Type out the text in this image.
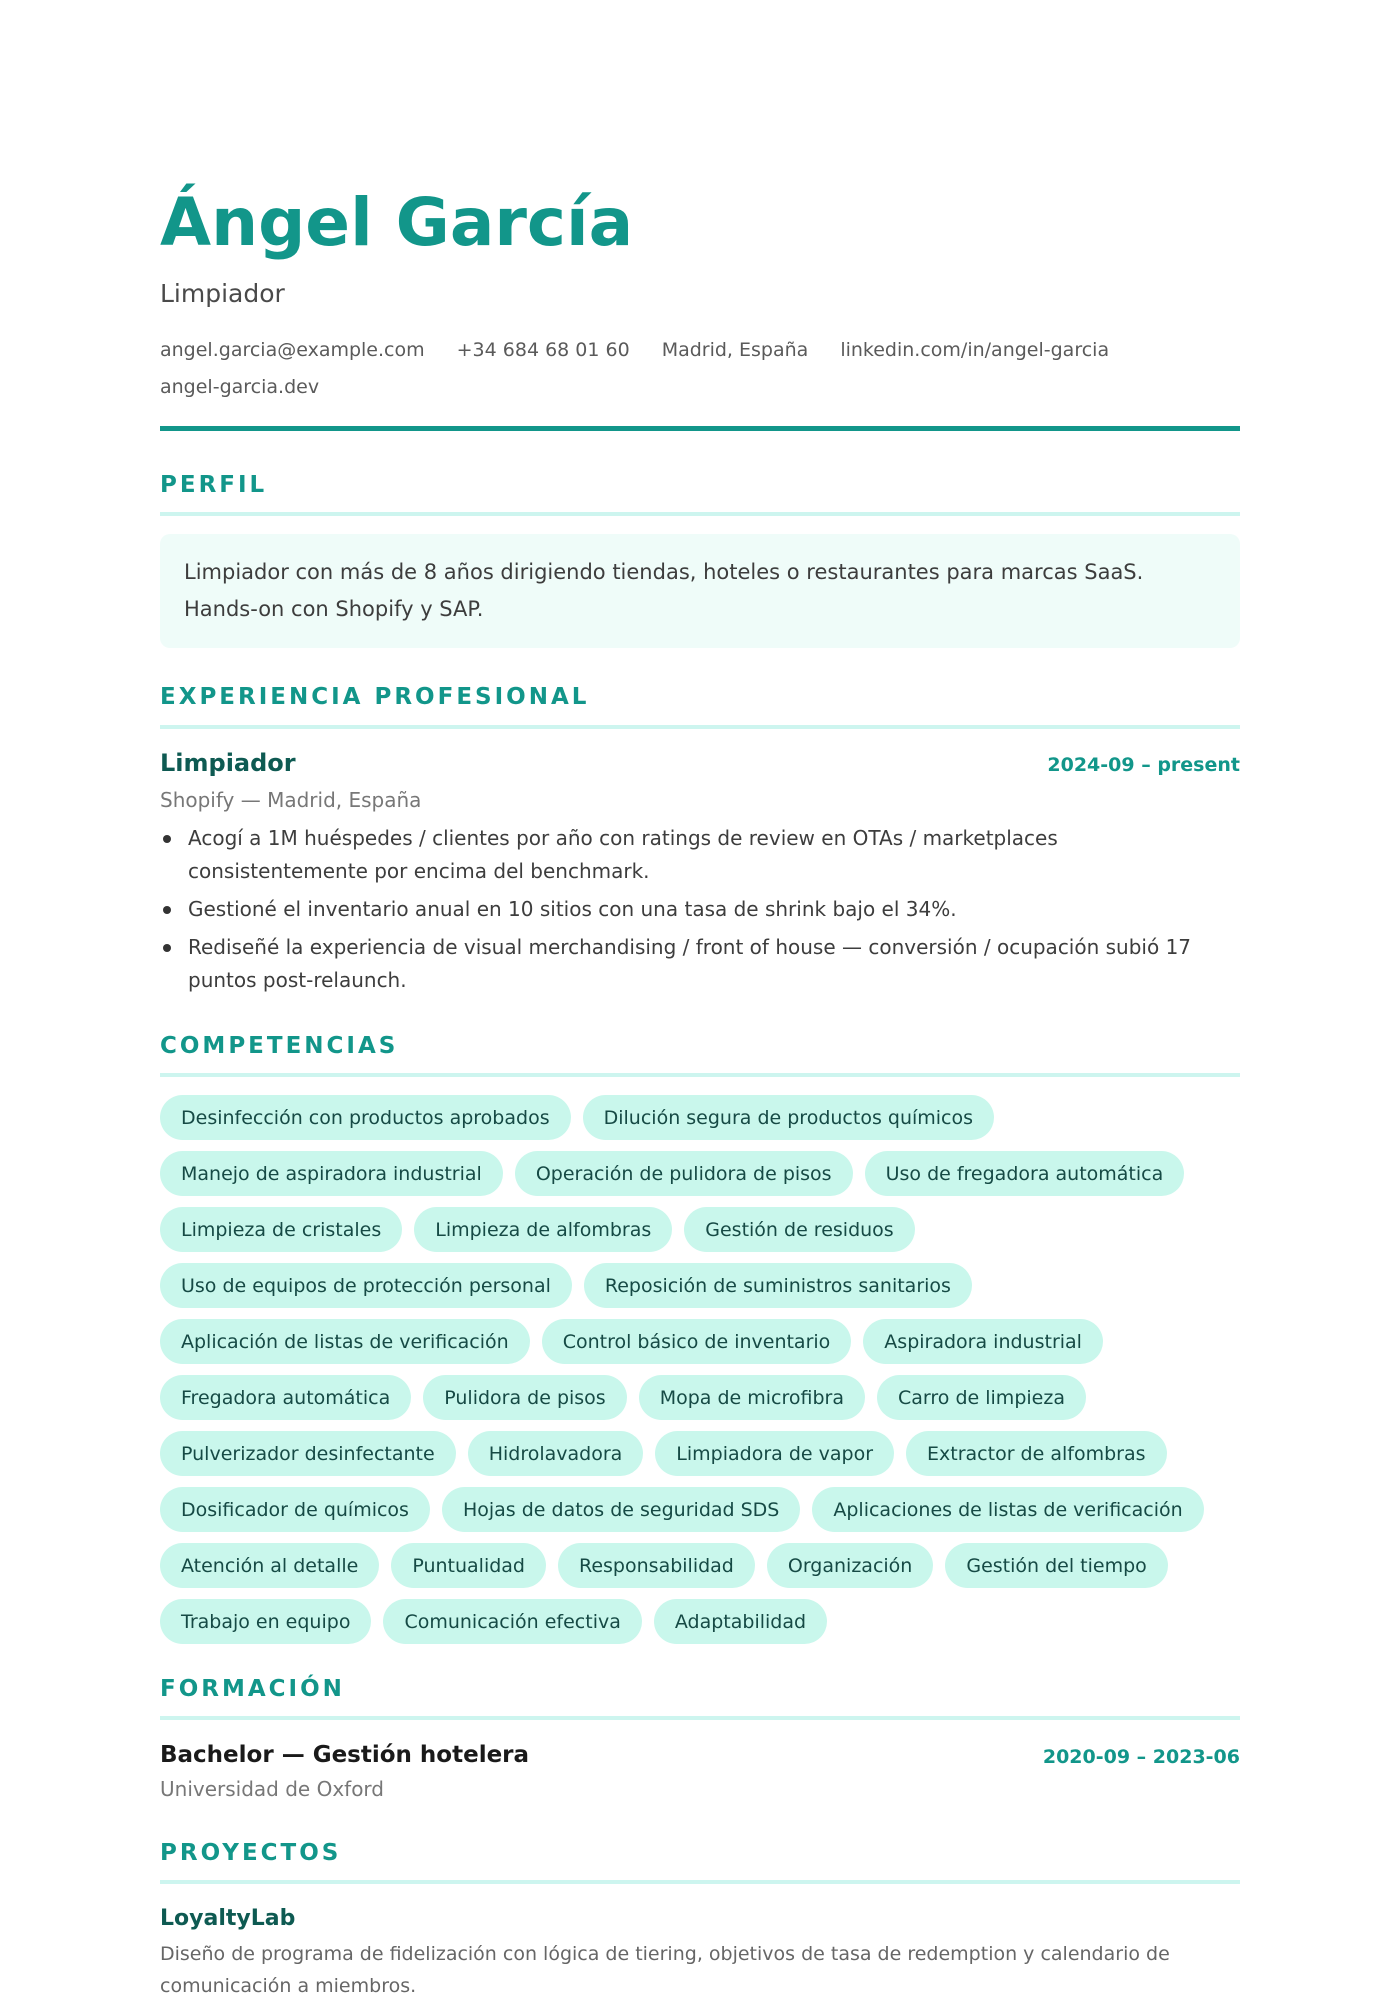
Ángel García
Limpiador
angel.garcia@example.com +34 684 68 01 60 Madrid, España linkedin.com/in/angel-garcia
angel-garcia.dev
PERFIL
Limpiador con más de 8 años dirigiendo tiendas, hoteles o restaurantes para marcas SaaS. Hands-on con Shopify y SAP.
EXPERIENCIA PROFESIONAL
Limpiador	2024-09 – present
Shopify — Madrid, España
Acogí a 1M huéspedes / clientes por año con ratings de review en OTAs / marketplaces consistentemente por encima del benchmark.
Gestioné el inventario anual en 10 sitios con una tasa de shrink bajo el 34%.
Rediseñé la experiencia de visual merchandising / front of house — conversión / ocupación subió 17 puntos post-relaunch.
COMPETENCIAS
Desinfección con productos aprobados	Dilución segura de productos químicos
Manejo de aspiradora industrial	Operación de pulidora de pisos	Uso de fregadora automática
Limpieza de cristales	Limpieza de alfombras	Gestión de residuos
Uso de equipos de protección personal	Reposición de suministros sanitarios
Aplicación de listas de verificación	Control básico de inventario	Aspiradora industrial
Fregadora automática	Pulidora de pisos	Mopa de microfibra	Carro de limpieza
Pulverizador desinfectante	Hidrolavadora	Limpiadora de vapor	Extractor de alfombras
Dosificador de químicos	Hojas de datos de seguridad SDS	Aplicaciones de listas de verificación
Atención al detalle	Puntualidad	Responsabilidad	Organización	Gestión del tiempo
Trabajo en equipo	Comunicación efectiva	Adaptabilidad
FORMACIÓN
Bachelor — Gestión hotelera	2020-09 – 2023-06
Universidad de Oxford
PROYECTOS
LoyaltyLab
Diseño de programa de fidelización con lógica de tiering, objetivos de tasa de redemption y calendario de comunicación a miembros.
